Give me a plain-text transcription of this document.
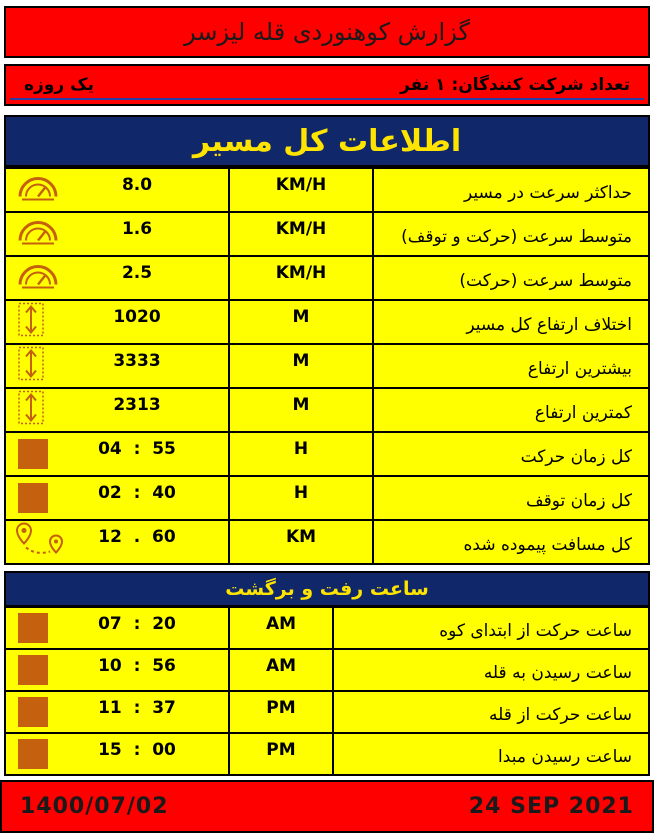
گزارش کوهنوردی قله لیزسر
تعداد شرکت کنندگان: ۱ نفر
یک روزه
اطلاعات کل مسیر
8.0	KM/H	حداکثر سرعت در مسیر
1.6	KM/H	متوسط سرعت (حرکت و توقف)
2.5	KM/H	متوسط سرعت (حرکت)
1020	M	اختلاف ارتفاع کل مسیر
3333	M	بیشترین ارتفاع
2313	M	کمترین ارتفاع
04  :  55	H	کل زمان حرکت
02  :  40	H	کل زمان توقف
12  .  60	KM	کل مسافت پیموده شده
ساعت رفت و برگشت
07  :  20	AM	ساعت حرکت از ابتدای کوه
10  :  56	AM	ساعت رسیدن به قله
11  :  37	PM	ساعت حرکت از قله
15  :  00	PM	ساعت رسیدن مبدا
1400/07/02	24 SEP 2021
